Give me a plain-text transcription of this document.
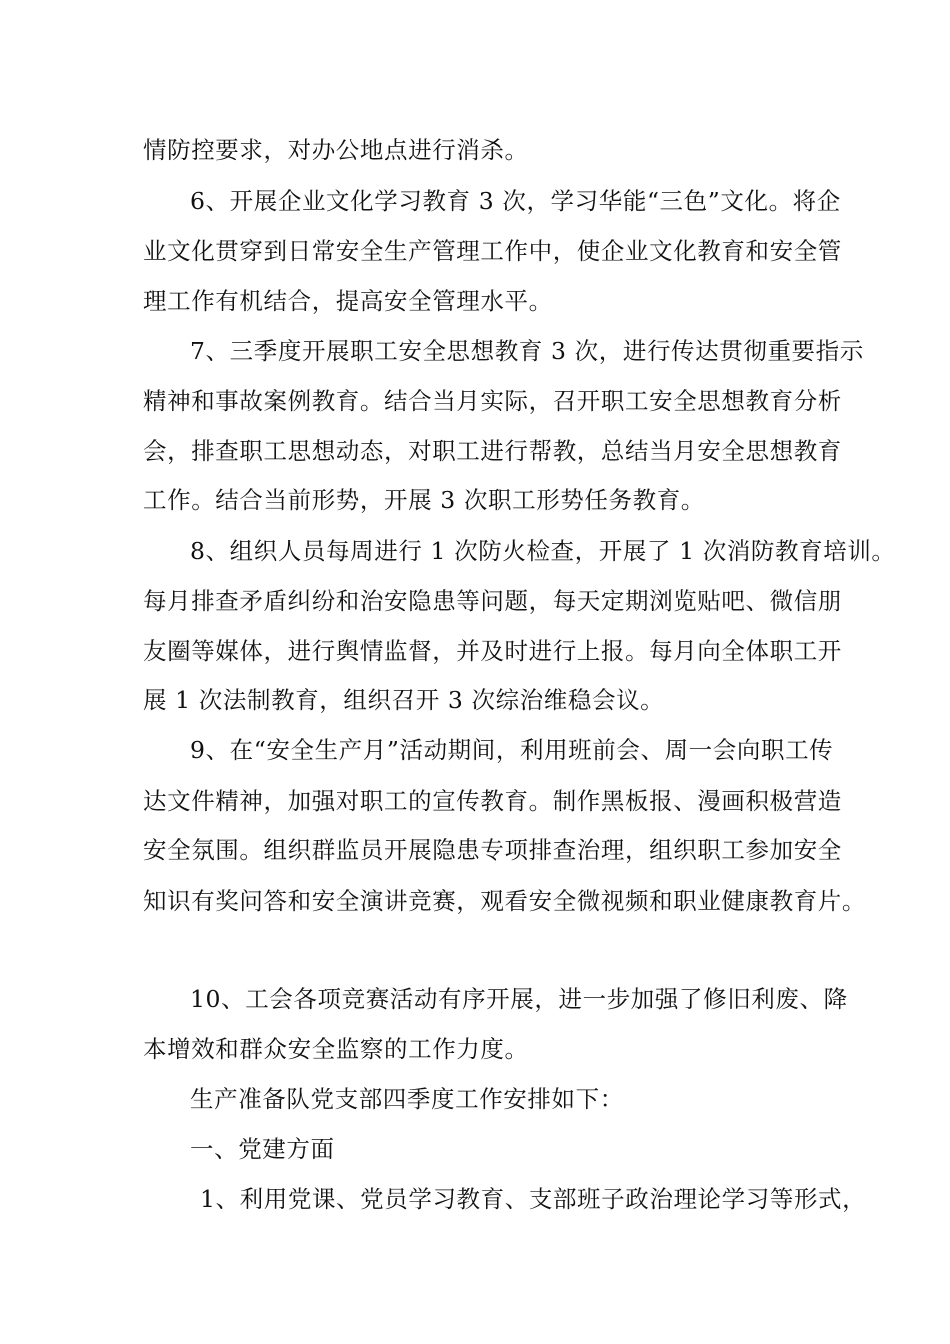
情防控要求，对办公地点进行消杀。
6、开展企业文化学习教育 3 次，学习华能“三色”文化。将企
业文化贯穿到日常安全生产管理工作中，使企业文化教育和安全管
理工作有机结合，提高安全管理水平。
7、三季度开展职工安全思想教育 3 次，进行传达贯彻重要指示
精神和事故案例教育。结合当月实际，召开职工安全思想教育分析
会，排查职工思想动态，对职工进行帮教，总结当月安全思想教育
工作。结合当前形势，开展 3 次职工形势任务教育。
8、组织人员每周进行 1 次防火检查，开展了 1 次消防教育培训。
每月排查矛盾纠纷和治安隐患等问题，每天定期浏览贴吧、微信朋
友圈等媒体，进行舆情监督，并及时进行上报。每月向全体职工开
展 1 次法制教育，组织召开 3 次综治维稳会议。
9、在“安全生产月”活动期间，利用班前会、周一会向职工传
达文件精神，加强对职工的宣传教育。制作黑板报、漫画积极营造
安全氛围。组织群监员开展隐患专项排查治理，组织职工参加安全
知识有奖问答和安全演讲竞赛，观看安全微视频和职业健康教育片。
10、工会各项竞赛活动有序开展，进一步加强了修旧利废、降
本增效和群众安全监察的工作力度。
生产准备队党支部四季度工作安排如下：
一、党建方面
1、利用党课、党员学习教育、支部班子政治理论学习等形式，
